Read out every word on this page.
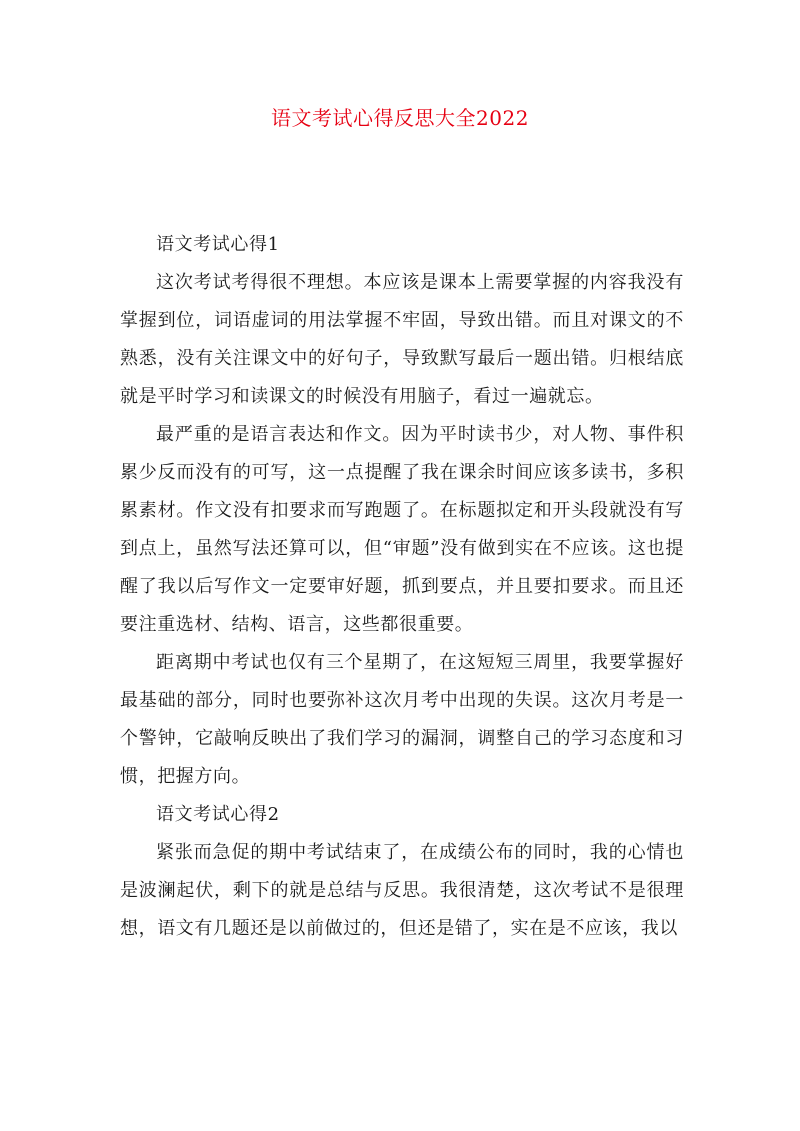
语文考试心得反思大全2022

语文考试心得1

这次考试考得很不理想。本应该是课本上需要掌握的内容我没有掌握到位，词语虚词的用法掌握不牢固，导致出错。而且对课文的不熟悉，没有关注课文中的好句子，导致默写最后一题出错。归根结底就是平时学习和读课文的时候没有用脑子，看过一遍就忘。

最严重的是语言表达和作文。因为平时读书少，对人物、事件积累少反而没有的可写，这一点提醒了我在课余时间应该多读书，多积累素材。作文没有扣要求而写跑题了。在标题拟定和开头段就没有写到点上，虽然写法还算可以，但“审题”没有做到实在不应该。这也提醒了我以后写作文一定要审好题，抓到要点，并且要扣要求。而且还要注重选材、结构、语言，这些都很重要。

距离期中考试也仅有三个星期了，在这短短三周里，我要掌握好最基础的部分，同时也要弥补这次月考中出现的失误。这次月考是一个警钟，它敲响反映出了我们学习的漏洞，调整自己的学习态度和习惯，把握方向。

语文考试心得2

紧张而急促的期中考试结束了，在成绩公布的同时，我的心情也是波澜起伏，剩下的就是总结与反思。我很清楚，这次考试不是很理想，语文有几题还是以前做过的，但还是错了，实在是不应该，我以
